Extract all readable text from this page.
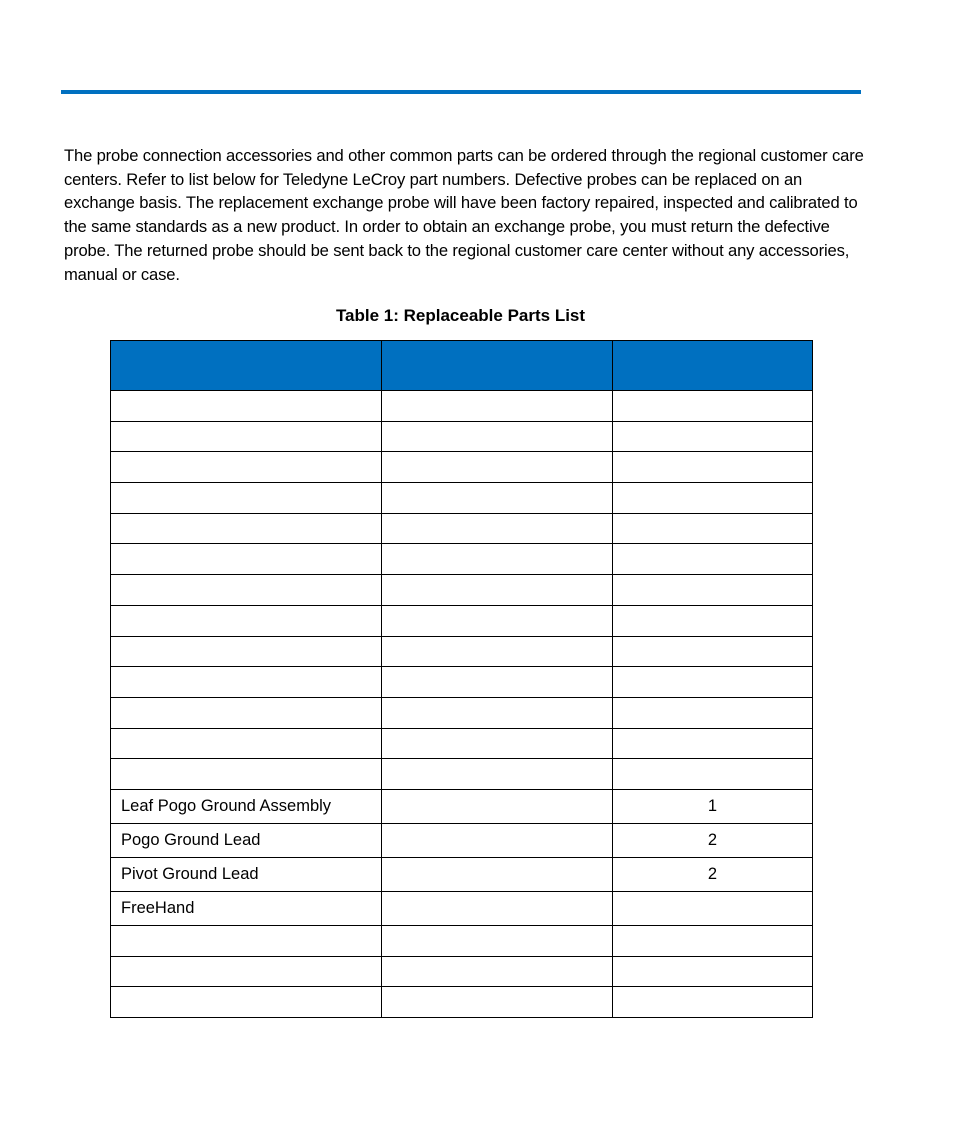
The probe connection accessories and other common parts can be ordered through the regional customer care centers. Refer to list below for Teledyne LeCroy part numbers. Defective probes can be replaced on an exchange basis. The replacement exchange probe will have been factory repaired, inspected and calibrated to the same standards as a new product. In order to obtain an exchange probe, you must return the defective probe. The returned probe should be sent back to the regional customer care center without any accessories, manual or case.

Table 1: Replaceable Parts List

Leaf Pogo Ground Assembly		1
Pogo Ground Lead		2
Pivot Ground Lead		2
FreeHand		
